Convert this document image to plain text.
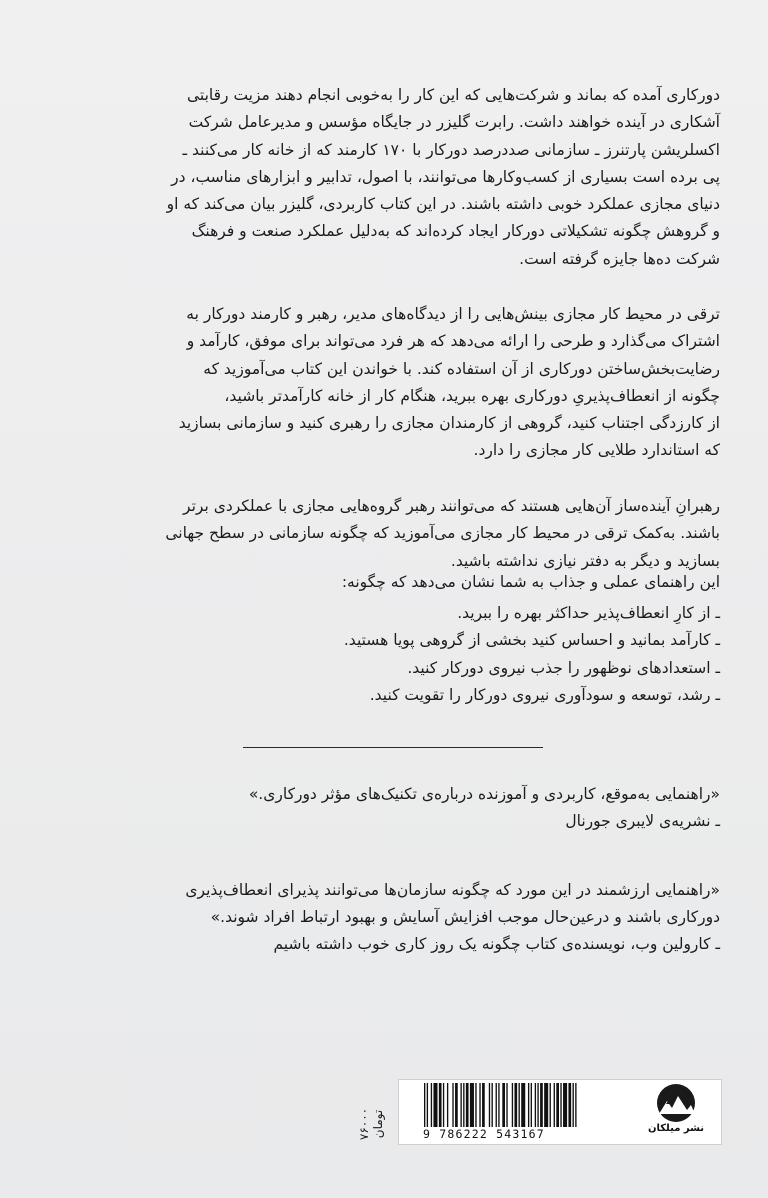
دورکاری آمده که بماند و شرکت‌هایی که این کار را به‌خوبی انجام دهند مزیت رقابتی

آشکاری در آینده خواهند داشت. رابرت گلیزر در جایگاه مؤسس و مدیرعامل شرکت

اکسلریشن پارتنرز ـ سازمانی صددرصد دورکار با ۱۷۰ کارمند که از خانه کار می‌کنند ـ

پی برده است بسیاری از کسب‌وکارها می‌توانند، با اصول، تدابیر و ابزارهای مناسب، در

دنیای مجازی عملکرد خوبی داشته باشند. در این کتاب کاربردی، گلیزر بیان می‌کند که او

و گروهش چگونه تشکیلاتی دورکار ایجاد کرده‌اند که به‌دلیل عملکرد صنعت و فرهنگ

شرکت ده‌ها جایزه گرفته است.

ترقی در محیط کار مجازی بینش‌هایی را از دیدگاه‌های مدیر، رهبر و کارمند دورکار به

اشتراک می‌گذارد و طرحی را ارائه می‌دهد که هر فرد می‌تواند برای موفق، کارآمد و

رضایت‌بخش‌ساختن دورکاری از آن استفاده کند. با خواندن این کتاب می‌آموزید که

چگونه از انعطاف‌پذیریِ دورکاری بهره ببرید، هنگام کار از خانه کارآمدتر باشید،

از کارزدگی اجتناب کنید، گروهی از کارمندان مجازی را رهبری کنید و سازمانی بسازید

که استاندارد طلایی کار مجازی را دارد.

رهبرانِ آینده‌ساز آن‌هایی هستند که می‌توانند رهبر گروه‌هایی مجازی با عملکردی برتر

باشند. به‌کمک ترقی در محیط کار مجازی می‌آموزید که چگونه سازمانی در سطح جهانی

بسازید و دیگر به دفتر نیازی نداشته باشید.

این راهنمای عملی و جذاب به شما نشان می‌دهد که چگونه:
ـ از کارِ انعطاف‌پذیر حداکثر بهره را ببرید.
ـ کارآمد بمانید و احساس کنید بخشی از گروهی پویا هستید.
ـ استعدادهای نوظهور را جذب نیروی دورکار کنید.
ـ رشد، توسعه و سودآوری نیروی دورکار را تقویت کنید.

«راهنمایی به‌موقع، کاربردی و آموزنده درباره‌ی تکنیک‌های مؤثر دورکاری.»

ـ نشریه‌ی لایبری جورنال

«راهنمایی ارزشمند در این مورد که چگونه سازمان‌ها می‌توانند پذیرای انعطاف‌پذیری

دورکاری باشند و درعین‌حال موجب افزایش آسایش و بهبود ارتباط افراد شوند.»

ـ کارولین وب، نویسنده‌ی کتاب چگونه یک روز کاری خوب داشته باشیم

نشر میلکان
9 786222 543167
۷۶۰۰۰ تومان
